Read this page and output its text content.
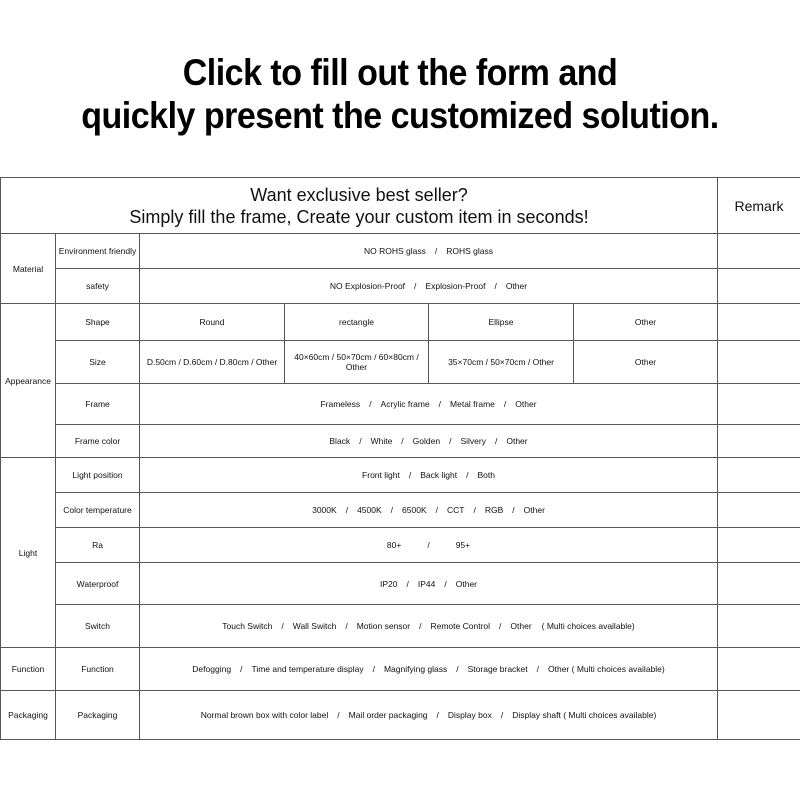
Click to fill out the form and
quickly present the customized solution.
Want exclusive best seller?
Simply fill the frame, Create your custom item in seconds!						Remark
Material	Environment friendly	NO ROHS glass / ROHS glass				
	safety	NO Explosion-Proof / Explosion-Proof / Other				
Appearance	Shape	Round	rectangle	Ellipse	Other	
	Size	D.50cm / D.60cm / D.80cm / Other	40×60cm / 50×70cm / 60×80cm / Other	35×70cm / 50×70cm / Other	Other	
	Frame	Frameless / Acrylic frame / Metal frame / Other				
	Frame color	Black / White / Golden / Silvery / Other				
Light	Light position	Front light / Back light / Both				
	Color temperature	3000K / 4500K / 6500K / CCT / RGB / Other				
	Ra	80+ / 95+				
	Waterproof	IP20 / IP44 / Other				
	Switch	Touch Switch / Wall Switch / Motion sensor / Remote Control / Other ( Multi choices available)				
Function	Function	Defogging / Time and temperature display / Magnifying glass / Storage bracket / Other ( Multi choices available)				
Packaging	Packaging	Normal brown box with color label / Mail order packaging / Display box / Display shaft ( Multi choices available)				
